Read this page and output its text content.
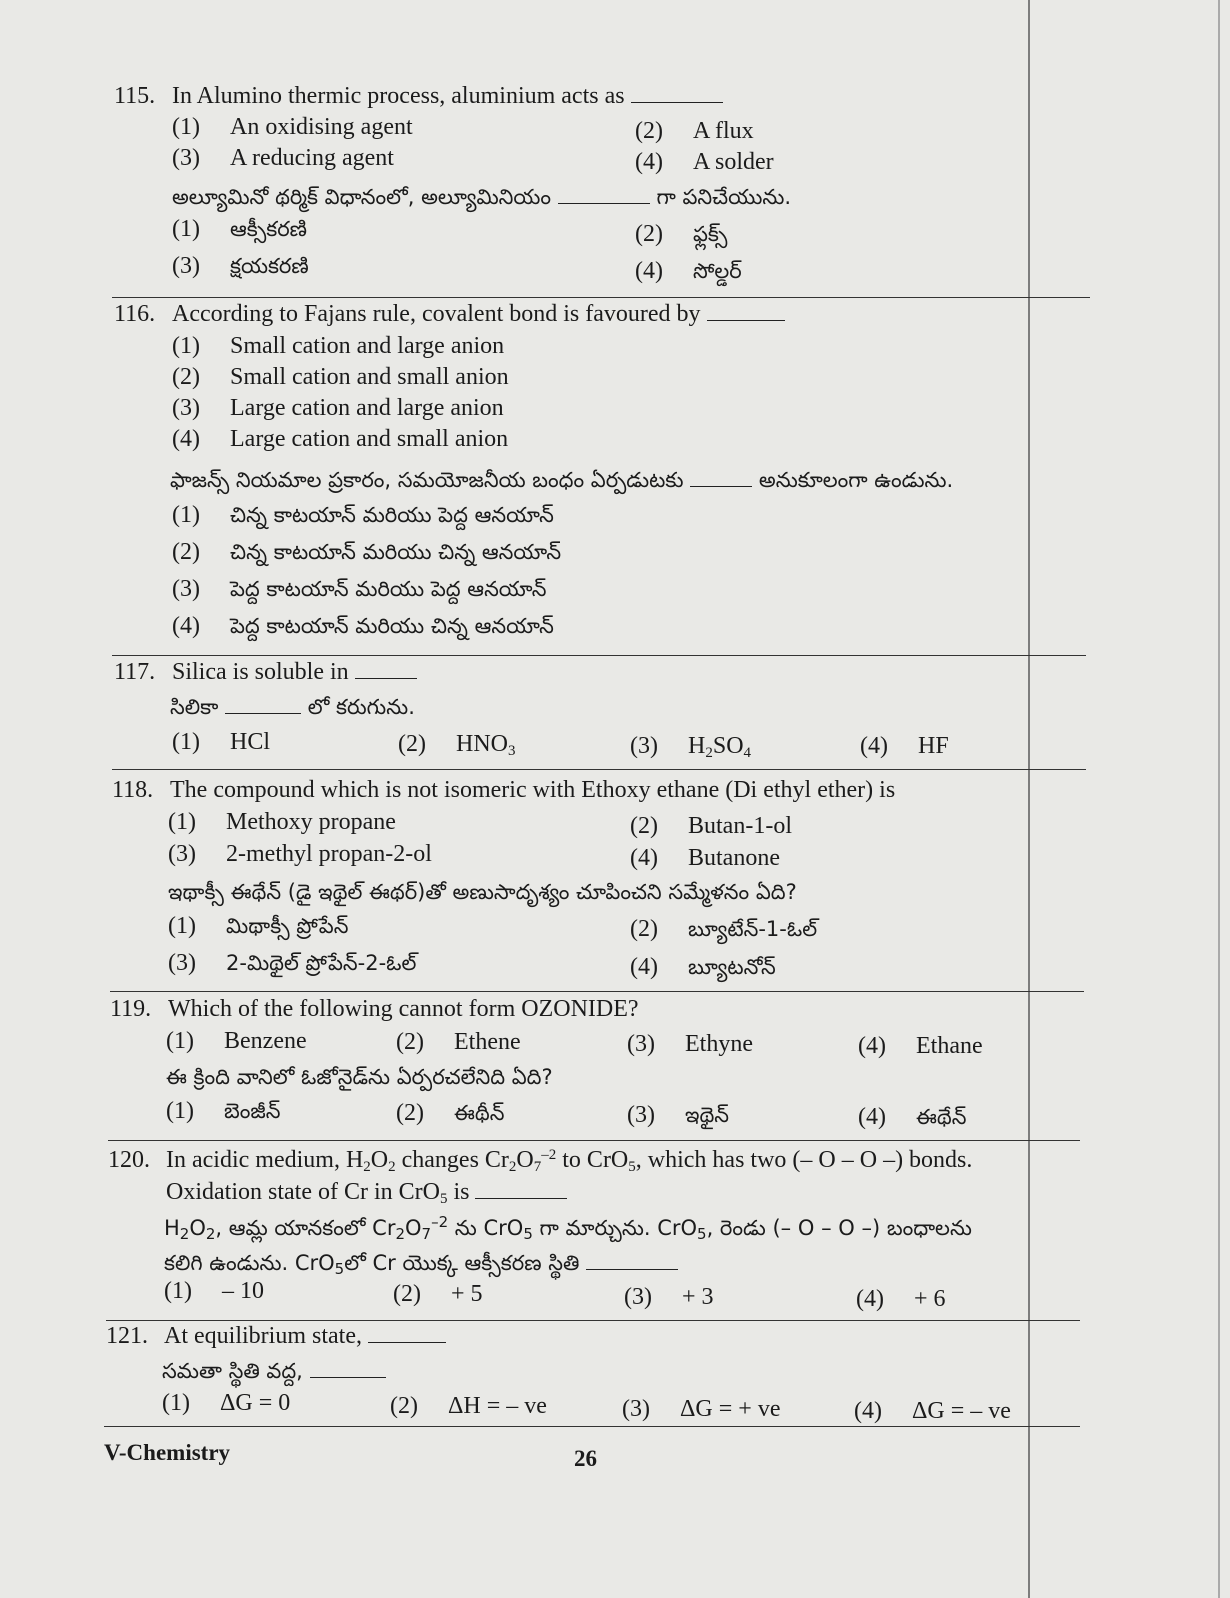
115. In Alumino thermic process, aluminium acts as
(1) An oxidising agent	(2) A flux
(3) A reducing agent	(4) A solder
అల్యూమినో థర్మిక్ విధానంలో, అల్యూమినియం	గా పనిచేయును.
(1) ఆక్సీకరణి	(2) ఫ్లక్స్
(3) క్షయకరణి	(4) సోల్డర్
116. According to Fajans rule, covalent bond is favoured by
(1) Small cation and large anion
(2) Small cation and small anion
(3) Large cation and large anion
(4) Large cation and small anion
ఫాజన్స్ నియమాల ప్రకారం, సమయోజనీయ బంధం ఏర్పడుటకు	అనుకూలంగా ఉండును.
(1) చిన్న కాటయాన్ మరియు పెద్ద ఆనయాన్
(2) చిన్న కాటయాన్ మరియు చిన్న ఆనయాన్
(3) పెద్ద కాటయాన్ మరియు పెద్ద ఆనయాన్
(4) పెద్ద కాటయాన్ మరియు చిన్న ఆనయాన్
117. Silica is soluble in
సిలికా	లో కరుగును.
(1) HCl	(2) $HNO_3$	(3) $H_2SO_4$	(4) HF
118. The compound which is not isomeric with Ethoxy ethane (Di ethyl ether) is
(1) Methoxy propane	(2) Butan-1-ol
(3) 2-methyl propan-2-ol	(4) Butanone
ఇథాక్సీ ఈథేన్ (డై ఇథైల్ ఈథర్)తో అణుసాదృశ్యం చూపించని సమ్మేళనం ఏది?
(1) మిథాక్సీ ప్రోపేన్	(2) బ్యూటేన్-1-ఓల్
(3) 2-మిథైల్ ప్రోపేన్-2-ఓల్	(4) బ్యూటనోన్
119. Which of the following cannot form OZONIDE?
(1) Benzene	(2) Ethene	(3) Ethyne	(4) Ethane
ఈ క్రింది వానిలో ఓజోనైడ్‌ను ఏర్పరచలేనిది ఏది?
(1) బెంజీన్	(2) ఈథీన్	(3) ఇథైన్	(4) ఈథేన్
120. In acidic medium, $H_2O_2$ changes $Cr_2O_7^{-2}$ to CrO$_5$, which has two (– O – O –) bonds.
Oxidation state of Cr in CrO$_5$ is
$H_2O_2$, ఆమ్ల యానకంలో $Cr_2O_7^{-2}$ ను CrO$_5$ గా మార్చును. CrO$_5$, రెండు (– O – O –) బంధాలను
కలిగి ఉండును. CrO$_5$లో Cr యొక్క ఆక్సీకరణ స్థితి
(1) – 10	(2) + 5	(3) + 3	(4) + 6
121. At equilibrium state,
సమతా స్థితి వద్ద,
(1) ΔG = 0	(2) ΔH = – ve	(3) ΔG = + ve	(4) ΔG = – ve
V-Chemistry	26
